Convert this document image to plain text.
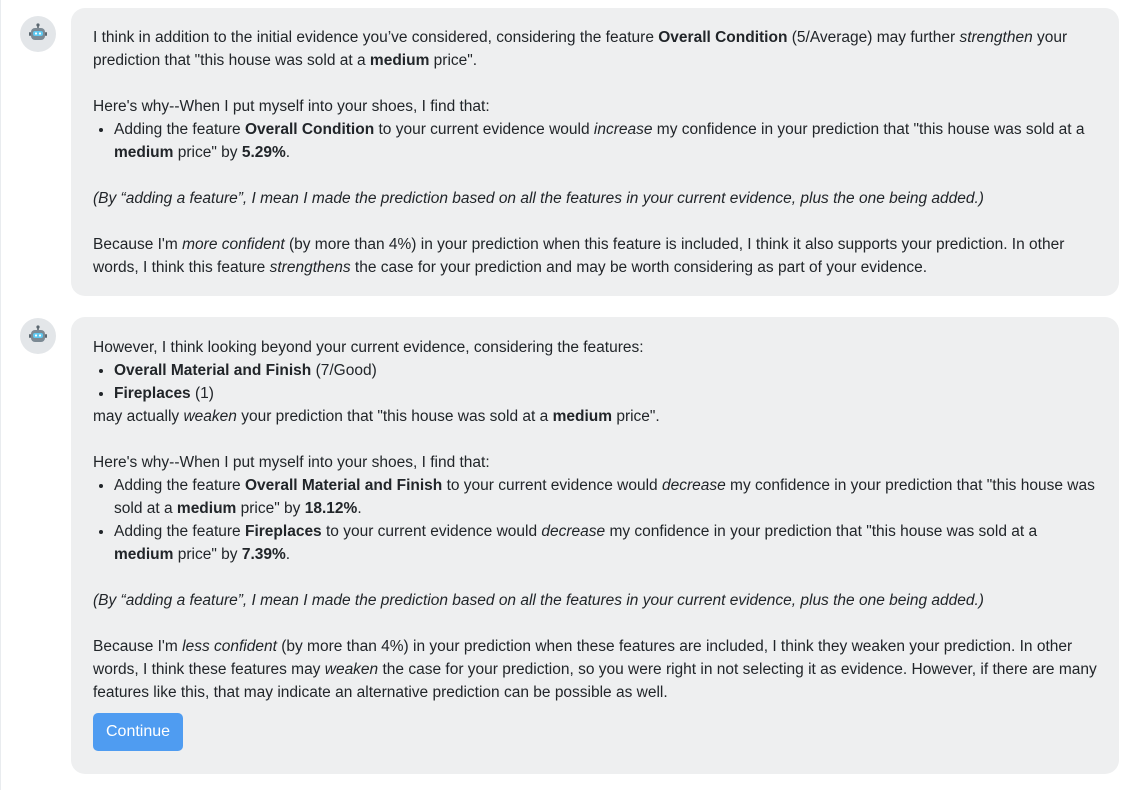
I think in addition to the initial evidence you’ve considered, considering the feature Overall Condition (5/Average) may further strengthen your prediction that "this house was sold at a medium price".

Here's why--When I put myself into your shoes, I find that:

• Adding the feature Overall Condition to your current evidence would increase my confidence in your prediction that "this house was sold at a medium price" by 5.29%.

(By “adding a feature”, I mean I made the prediction based on all the features in your current evidence, plus the one being added.)

Because I'm more confident (by more than 4%) in your prediction when this feature is included, I think it also supports your prediction. In other words, I think this feature strengthens the case for your prediction and may be worth considering as part of your evidence.

However, I think looking beyond your current evidence, considering the features:

• Overall Material and Finish (7/Good)
• Fireplaces (1)

may actually weaken your prediction that "this house was sold at a medium price".

Here's why--When I put myself into your shoes, I find that:

• Adding the feature Overall Material and Finish to your current evidence would decrease my confidence in your prediction that "this house was sold at a medium price" by 18.12%.
• Adding the feature Fireplaces to your current evidence would decrease my confidence in your prediction that "this house was sold at a medium price" by 7.39%.

(By “adding a feature”, I mean I made the prediction based on all the features in your current evidence, plus the one being added.)

Because I'm less confident (by more than 4%) in your prediction when these features are included, I think they weaken your prediction. In other words, I think these features may weaken the case for your prediction, so you were right in not selecting it as evidence. However, if there are many features like this, that may indicate an alternative prediction can be possible as well.

Continue
